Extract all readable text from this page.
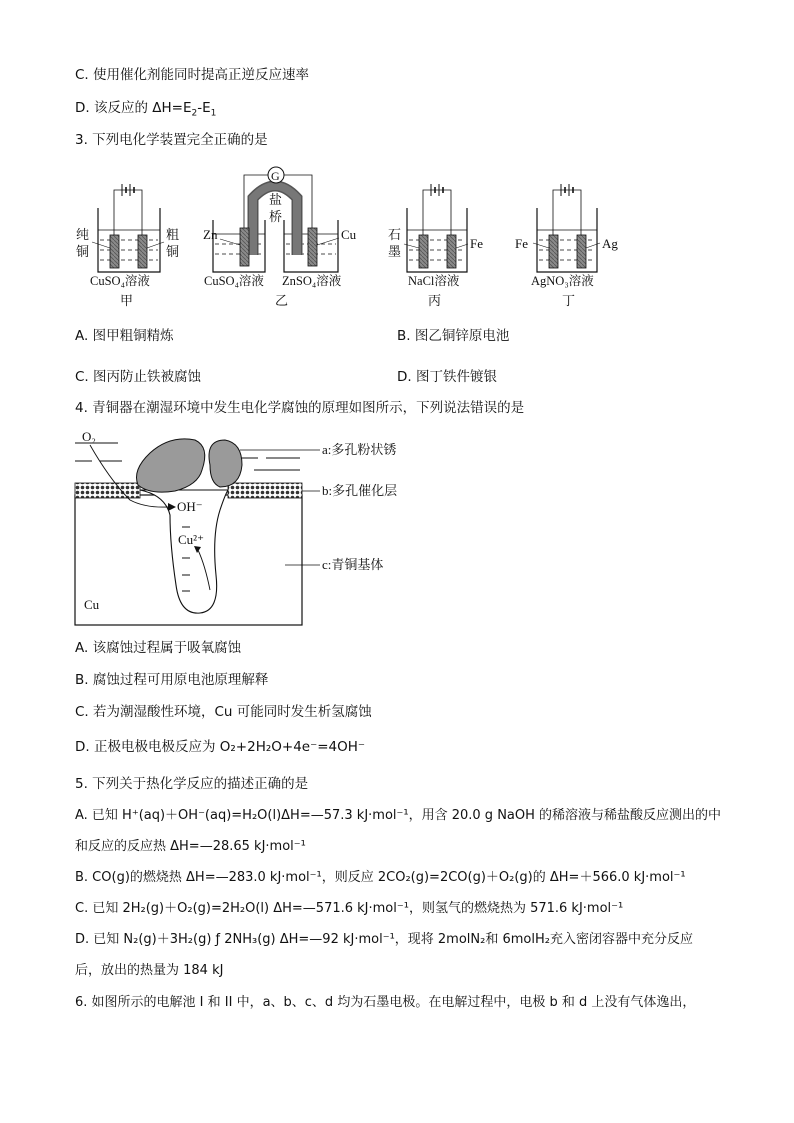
C. 使用催化剂能同时提高正逆反应速率
D. 该反应的 $\Delta H=E_2-E_1$
3. 下列电化学装置完全正确的是
纯
铜
粗
铜
CuSO₄溶液
甲
G
盐
桥
Zn	Cu
CuSO₄溶液 ZnSO₄溶液
乙
石
墨
Fe
NaCl溶液
丙
Fe	Ag
AgNO₃溶液
丁
A. 图甲粗铜精炼	B. 图乙铜锌原电池
C. 图丙防止铁被腐蚀	D. 图丁铁件镀银
4. 青铜器在潮湿环境中发生电化学腐蚀的原理如图所示，下列说法错误的是
O₂
OH⁻
Cu²⁺
Cu
a:多孔粉状锈
b:多孔催化层
c:青铜基体
A. 该腐蚀过程属于吸氧腐蚀
B. 腐蚀过程可用原电池原理解释
C. 若为潮湿酸性环境，Cu 可能同时发生析氢腐蚀
D. 正极电极电极反应为 O₂+2H₂O+4e⁻=4OH⁻
5. 下列关于热化学反应的描述正确的是
A. 已知 H⁺(aq)＋OH⁻(aq)=H₂O(l)ΔH=—57.3 kJ·mol⁻¹，用含 20.0 g NaOH 的稀溶液与稀盐酸反应测出的中
和反应的反应热 ΔH=—28.65 kJ·mol⁻¹
B. CO(g)的燃烧热 ΔH=—283.0 kJ·mol⁻¹，则反应 2CO₂(g)=2CO(g)＋O₂(g)的 ΔH=＋566.0 kJ·mol⁻¹
C. 已知 2H₂(g)＋O₂(g)=2H₂O(l) ΔH=—571.6 kJ·mol⁻¹，则氢气的燃烧热为 571.6 kJ·mol⁻¹
D. 已知 N₂(g)＋3H₂(g) ƒ 2NH₃(g) ΔH=—92 kJ·mol⁻¹，现将 2molN₂和 6molH₂充入密闭容器中充分反应
后，放出的热量为 184 kJ
6. 如图所示的电解池 I 和 II 中，a、b、c、d 均为石墨电极。在电解过程中，电极 b 和 d 上没有气体逸出，
